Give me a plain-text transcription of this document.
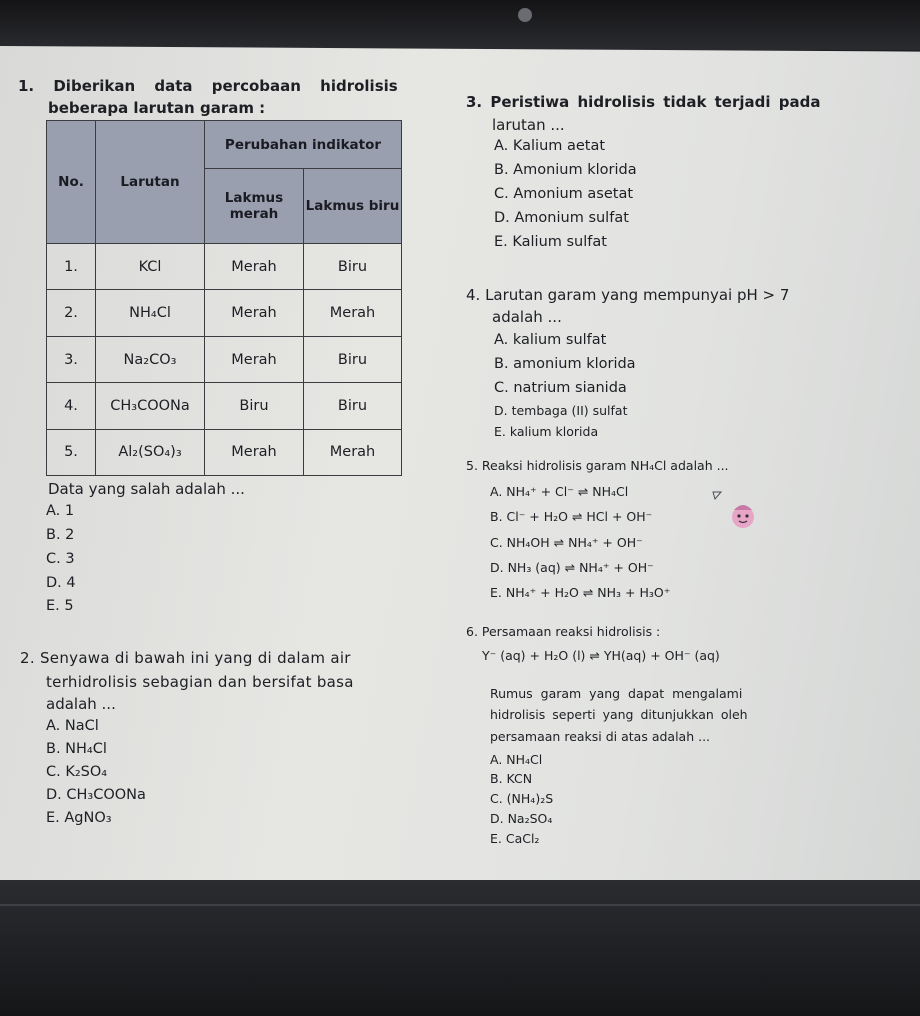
1. Diberikan data percobaan hidrolisis
beberapa larutan garam :
No.	Larutan	Perubahan indikator	
		Lakmus merah	Lakmus biru
1.	KCl	Merah	Biru
2.	NH₄Cl	Merah	Merah
3.	Na₂CO₃	Merah	Biru
4.	CH₃COONa	Biru	Biru
5.	Al₂(SO₄)₃	Merah	Merah
Data yang salah adalah ...
A. 1
B. 2
C. 3
D. 4
E. 5
2. Senyawa di bawah ini yang di dalam air
terhidrolisis sebagian dan bersifat basa
adalah ...
A. NaCl
B. NH₄Cl
C. K₂SO₄
D. CH₃COONa
E. AgNO₃
3. Peristiwa hidrolisis tidak terjadi pada
larutan ...
A. Kalium aetat
B. Amonium klorida
C. Amonium asetat
D. Amonium sulfat
E. Kalium sulfat
4. Larutan garam yang mempunyai pH > 7
adalah ...
A. kalium sulfat
B. amonium klorida
C. natrium sianida
D. tembaga (II) sulfat
E. kalium klorida
5. Reaksi hidrolisis garam NH₄Cl adalah ...
A. NH₄⁺ + Cl⁻ ⇌ NH₄Cl
B. Cl⁻ + H₂O ⇌ HCl + OH⁻
C. NH₄OH ⇌ NH₄⁺ + OH⁻
D. NH₃ (aq) ⇌ NH₄⁺ + OH⁻
E. NH₄⁺ + H₂O ⇌ NH₃ + H₃O⁺
6. Persamaan reaksi hidrolisis :
Y⁻ (aq) + H₂O (l) ⇌ YH(aq) + OH⁻ (aq)
Rumus garam yang dapat mengalami
hidrolisis seperti yang ditunjukkan oleh
persamaan reaksi di atas adalah ...
A. NH₄Cl
B. KCN
C. (NH₄)₂S
D. Na₂SO₄
E. CaCl₂
